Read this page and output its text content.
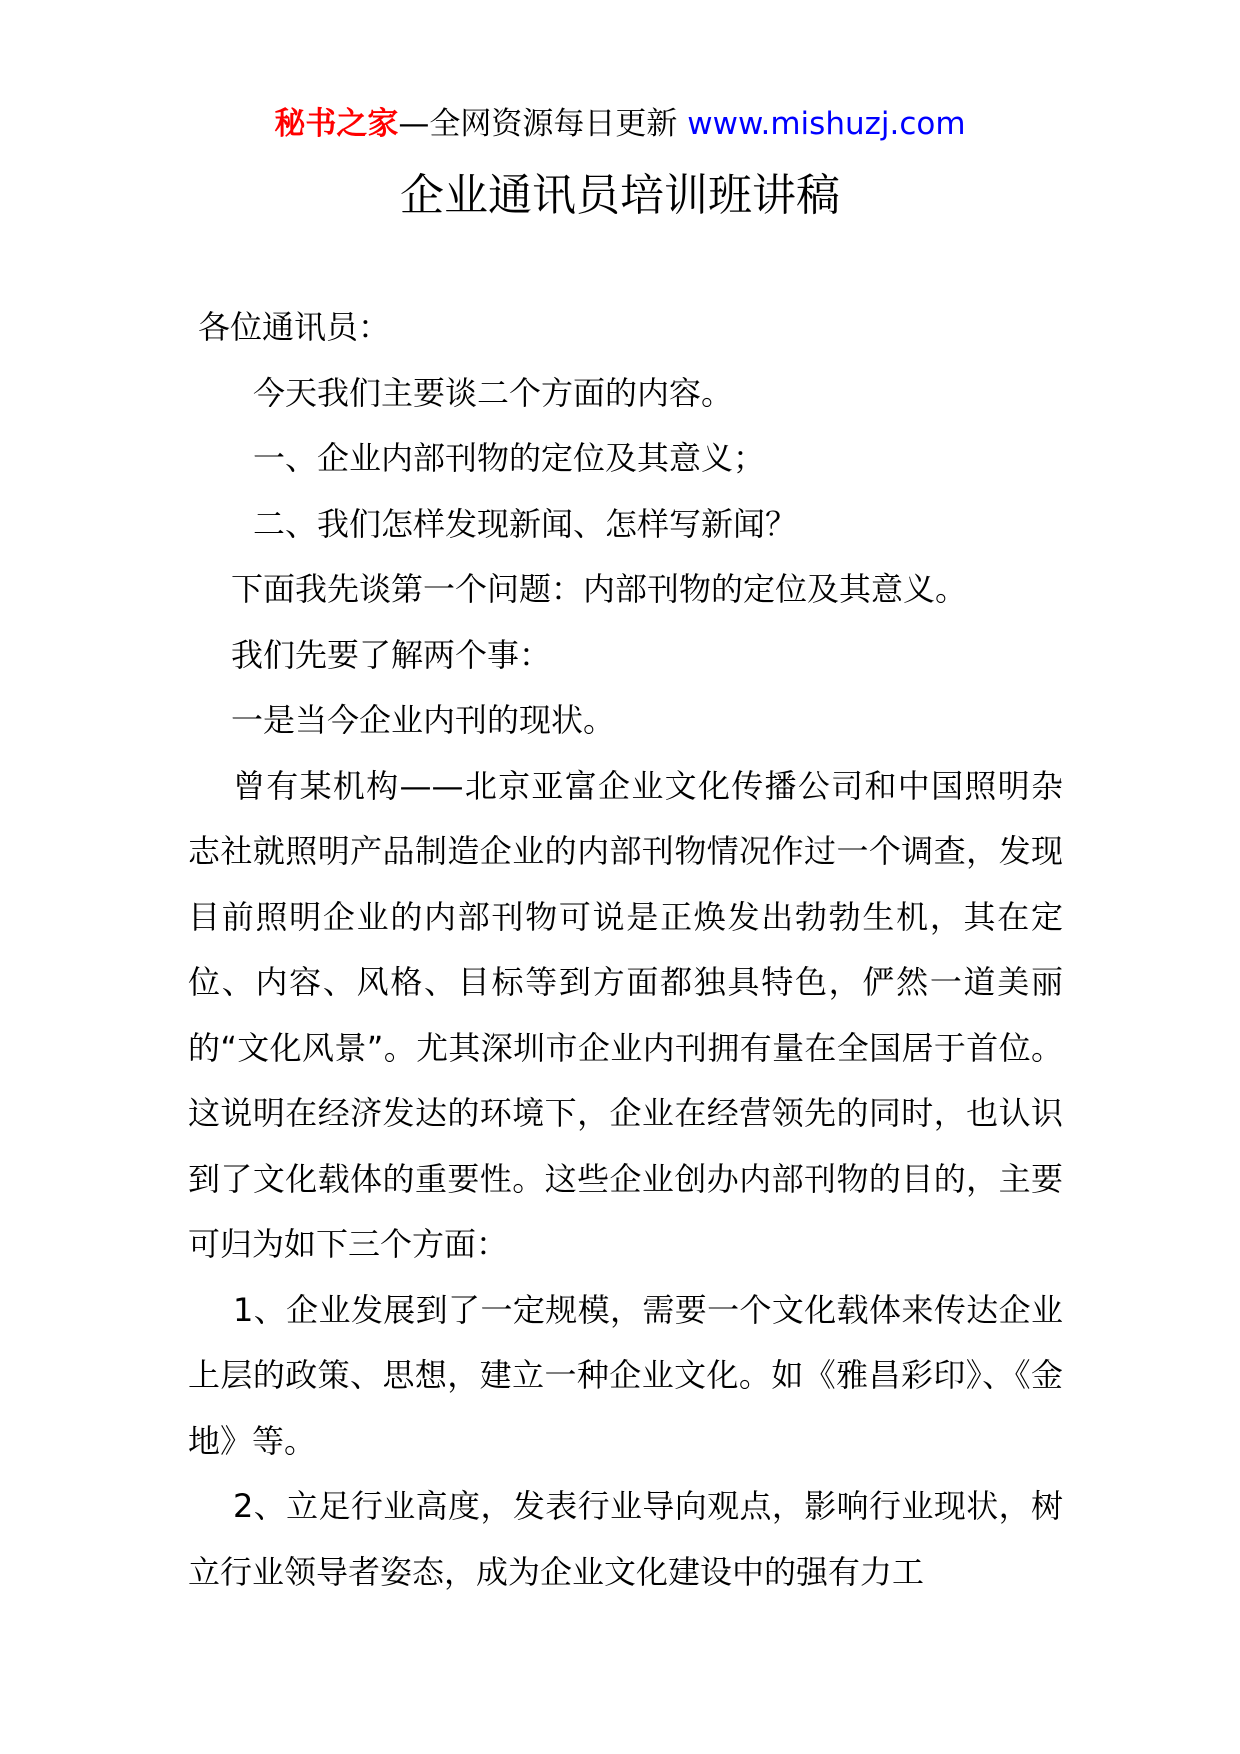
秘书之家—全网资源每日更新 www.mishuzj.com
企业通讯员培训班讲稿

各位通讯员：

今天我们主要谈二个方面的内容。

一、企业内部刊物的定位及其意义；

二、我们怎样发现新闻、怎样写新闻？

下面我先谈第一个问题：内部刊物的定位及其意义。

我们先要了解两个事：

一是当今企业内刊的现状。

曾有某机构——北京亚富企业文化传播公司和中国照明杂志社就照明产品制造企业的内部刊物情况作过一个调查，发现目前照明企业的内部刊物可说是正焕发出勃勃生机，其在定位、内容、风格、目标等到方面都独具特色，俨然一道美丽的“文化风景”。尤其深圳市企业内刊拥有量在全国居于首位。这说明在经济发达的环境下，企业在经营领先的同时，也认识到了文化载体的重要性。这些企业创办内部刊物的目的，主要可归为如下三个方面：

1、企业发展到了一定规模，需要一个文化载体来传达企业上层的政策、思想，建立一种企业文化。如《雅昌彩印》、《金地》等。

2、立足行业高度，发表行业导向观点，影响行业现状，树立行业领导者姿态，成为企业文化建设中的强有力工
